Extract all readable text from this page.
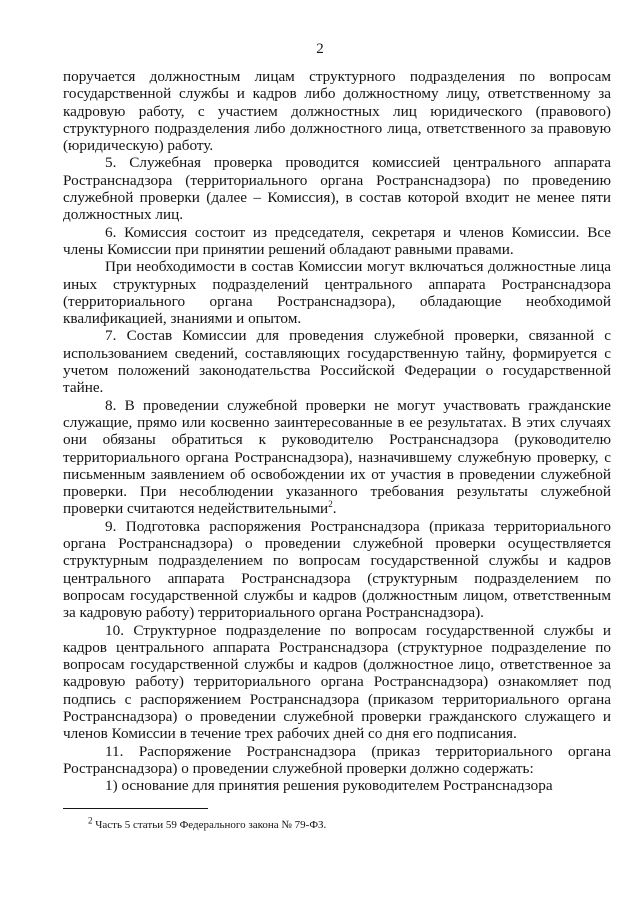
2

поручается должностным лицам структурного подразделения по вопросам государственной службы и кадров либо должностному лицу, ответственному за кадровую работу, с участием должностных лиц юридического (правового) структурного подразделения либо должностного лица, ответственного за правовую (юридическую) работу.

5. Служебная проверка проводится комиссией центрального аппарата Ространснадзора (территориального органа Ространснадзора) по проведению служебной проверки (далее – Комиссия), в состав которой входит не менее пяти должностных лиц.

6. Комиссия состоит из председателя, секретаря и членов Комиссии. Все члены Комиссии при принятии решений обладают равными правами.

При необходимости в состав Комиссии могут включаться должностные лица иных структурных подразделений центрального аппарата Ространснадзора (территориального органа Ространснадзора), обладающие необходимой квалификацией, знаниями и опытом.

7. Состав Комиссии для проведения служебной проверки, связанной с использованием сведений, составляющих государственную тайну, формируется с учетом положений законодательства Российской Федерации о государственной тайне.

8. В проведении служебной проверки не могут участвовать гражданские служащие, прямо или косвенно заинтересованные в ее результатах. В этих случаях они обязаны обратиться к руководителю Ространснадзора (руководителю территориального органа Ространснадзора), назначившему служебную проверку, с письменным заявлением об освобождении их от участия в проведении служебной проверки. При несоблюдении указанного требования результаты служебной проверки считаются недействительными$^2$.

9. Подготовка распоряжения Ространснадзора (приказа территориального органа Ространснадзора) о проведении служебной проверки осуществляется структурным подразделением по вопросам государственной службы и кадров центрального аппарата Ространснадзора (структурным подразделением по вопросам государственной службы и кадров (должностным лицом, ответственным за кадровую работу) территориального органа Ространснадзора).

10. Структурное подразделение по вопросам государственной службы и кадров центрального аппарата Ространснадзора (структурное подразделение по вопросам государственной службы и кадров (должностное лицо, ответственное за кадровую работу) территориального органа Ространснадзора) ознакомляет под подпись с распоряжением Ространснадзора (приказом территориального органа Ространснадзора) о проведении служебной проверки гражданского служащего и членов Комиссии в течение трех рабочих дней со дня его подписания.

11. Распоряжение Ространснадзора (приказ территориального органа Ространснадзора) о проведении служебной проверки должно содержать:

1) основание для принятия решения руководителем Ространснадзора

$^2$ Часть 5 статьи 59 Федерального закона № 79-ФЗ.
